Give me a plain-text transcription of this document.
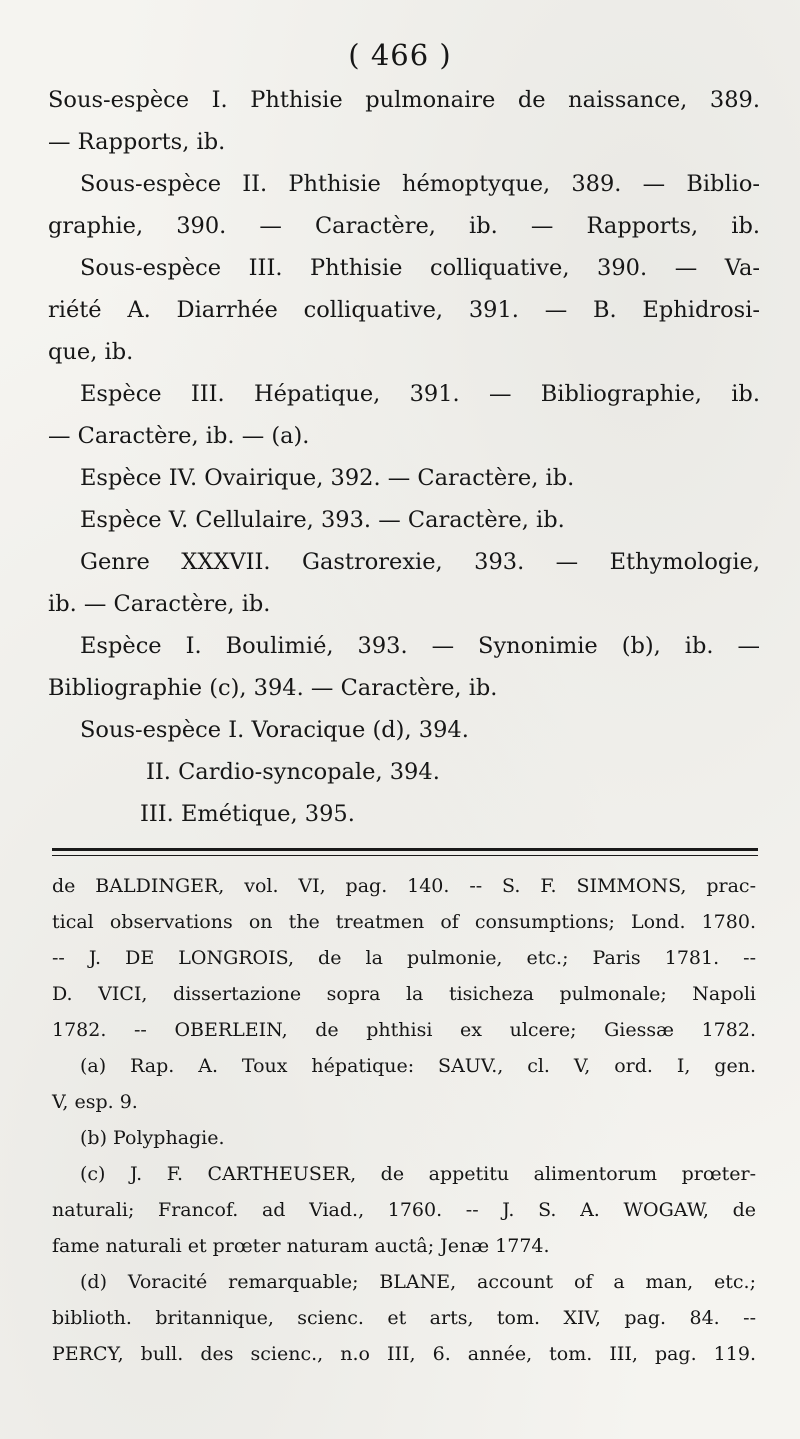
( 466 )
Sous-espèce I. Phthisie pulmonaire de naissance, 389.
— Rapports, ib.
Sous-espèce II. Phthisie hémoptyque, 389. — Biblio-
graphie, 390. — Caractère, ib. — Rapports, ib.
Sous-espèce III. Phthisie colliquative, 390. — Va-
riété A. Diarrhée colliquative, 391. — B. Ephidrosi-
que, ib.
Espèce III. Hépatique, 391. — Bibliographie, ib.
— Caractère, ib. — (a).
Espèce IV. Ovairique, 392. — Caractère, ib.
Espèce V. Cellulaire, 393. — Caractère, ib.
Genre XXXVII. Gastrorexie, 393. — Ethymologie,
ib. — Caractère, ib.
Espèce I. Boulimié, 393. — Synonimie (b), ib. —
Bibliographie (c), 394. — Caractère, ib.
Sous-espèce I. Voracique (d), 394.
II. Cardio-syncopale, 394.
III. Emétique, 395.
de BALDINGER, vol. VI, pag. 140. -- S. F. SIMMONS, prac-
tical observations on the treatmen of consumptions; Lond. 1780.
-- J. DE LONGROIS, de la pulmonie, etc.; Paris 1781. --
D. VICI, dissertazione sopra la tisicheza pulmonale; Napoli
1782. -- OBERLEIN, de phthisi ex ulcere; Giessæ 1782.
(a) Rap. A. Toux hépatique: SAUV., cl. V, ord. I, gen.
V, esp. 9.
(b) Polyphagie.
(c) J. F. CARTHEUSER, de appetitu alimentorum prœter-
naturali; Francof. ad Viad., 1760. -- J. S. A. WOGAW, de
fame naturali et prœter naturam auctâ; Jenæ 1774.
(d) Voracité remarquable; BLANE, account of a man, etc.;
biblioth. britannique, scienc. et arts, tom. XIV, pag. 84. --
PERCY, bull. des scienc., n.o III, 6. année, tom. III, pag. 119.
